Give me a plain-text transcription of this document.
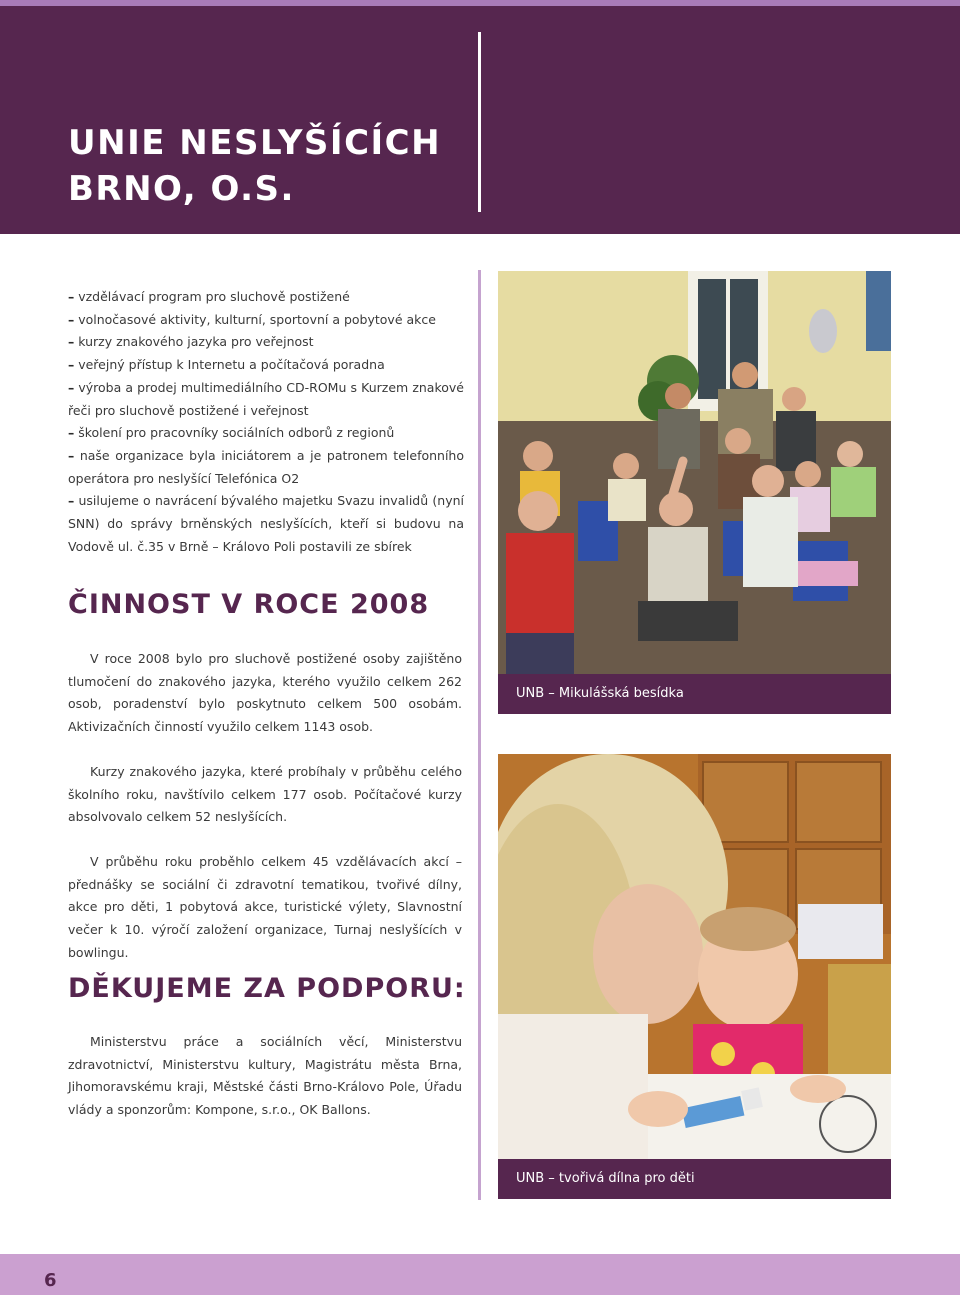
UNIE NESLYŠÍCÍCH
BRNO, O.S.
– vzdělávací program pro sluchově postižené
– volnočasové aktivity, kulturní, sportovní a pobytové akce
– kurzy znakového jazyka pro veřejnost
– veřejný přístup k Internetu a počítačová poradna
– výroba a prodej multimediálního CD-ROMu s Kurzem znakové řeči pro sluchově postižené i veřejnost
– školení pro pracovníky sociálních odborů z regionů
– naše organizace byla iniciátorem a je patronem telefonního operátora pro neslyšící Telefónica O2
– usilujeme o navrácení bývalého majetku Svazu invalidů (nyní SNN) do správy brněnských neslyšících, kteří si budovu na Vodově ul. č.35 v Brně – Královo Poli postavili ze sbírek
ČINNOST V ROCE 2008

V roce 2008 bylo pro sluchově postižené osoby zajištěno tlumočení do znakového jazyka, kterého využilo celkem 262 osob, poradenství bylo poskytnuto celkem 500 osobám. Aktivizačních činností využilo celkem 1143 osob.

Kurzy znakového jazyka, které probíhaly v průběhu celého školního roku, navštívilo celkem 177 osob. Počítačové kurzy absolvovalo celkem 52 neslyšících.

V průběhu roku proběhlo celkem 45 vzdělávacích akcí – přednášky se sociální či zdravotní tematikou, tvořivé dílny, akce pro děti, 1 pobytová akce, turistické výlety, Slavnostní večer k 10. výročí založení organizace, Turnaj neslyšících v bowlingu.

DĚKUJEME ZA PODPORU:

Ministerstvu práce a sociálních věcí, Ministerstvu zdravotnictví, Ministerstvu kultury, Magistrátu města Brna, Jihomoravskému kraji, Městské části Brno-Královo Pole, Úřadu vlády a sponzorům: Kompone, s.r.o., OK Ballons.

UNB – Mikulášská besídka
UNB – tvořivá dílna pro děti

6
